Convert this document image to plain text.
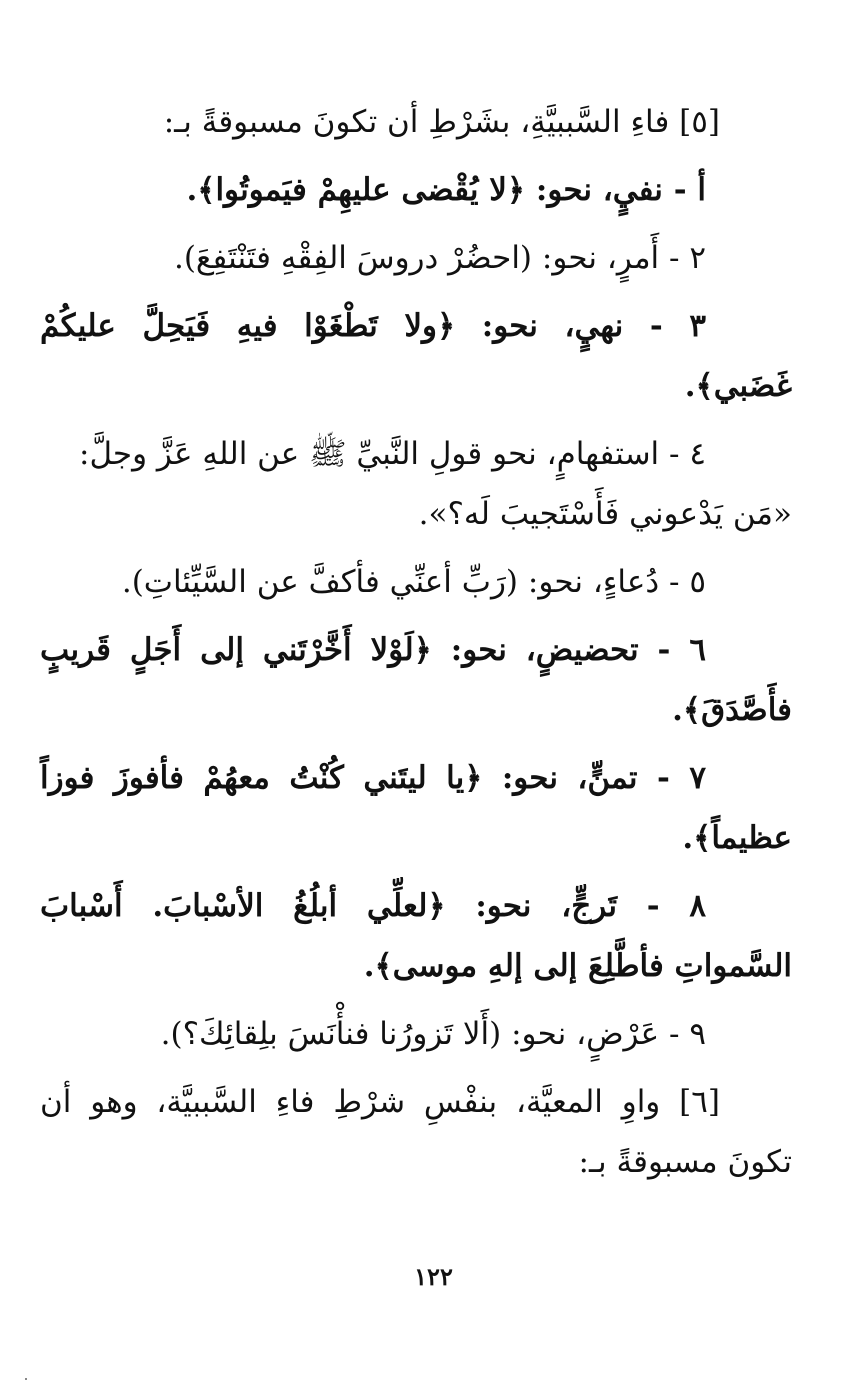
[٥] فاءِ السَّببيَّةِ، بشَرْطِ أن تكونَ مسبوقةً بـ:
أ - نفيٍ، نحو: ﴿لا يُقْضى عليهِمْ فيَموتُوا﴾.
٢ - أَمرٍ، نحو: (احضُرْ دروسَ الفِقْهِ فتَنْتَفِعَ).
٣ - نهيٍ، نحو: ﴿ولا تَطْغَوْا فيهِ فَيَحِلَّ عليكُمْ
غَضَبي﴾.
٤ - استفهامٍ، نحو قولِ النَّبيِّ ﷺ عن اللهِ عَزَّ وجلَّ:
«مَن يَدْعوني فَأَسْتَجيبَ لَه؟».
٥ - دُعاءٍ، نحو: (رَبِّ أعنِّي فأكفَّ عن السَّيِّئاتِ).
٦ - تحضيضٍ، نحو: ﴿لَوْلا أَخَّرْتَني إلى أَجَلٍ قَريبٍ
فأَصَّدَقَ﴾.
٧ - تمنٍّ، نحو: ﴿يا ليتَني كُنْتُ معهُمْ فأفوزَ فوزاً
عظيماً﴾.
٨ - تَرجٍّ، نحو: ﴿لعلِّي أبلُغُ الأسْبابَ. أَسْبابَ
السَّمواتِ فأطَّلِعَ إلى إلهِ موسى﴾.
٩ - عَرْضٍ، نحو: (أَلا تَزورُنا فنأْنَسَ بلِقائِكَ؟).
[٦] واوِ المعيَّة، بنفْسِ شرْطِ فاءِ السَّببيَّة، وهو أن
تكونَ مسبوقةً بـ:
١٢٢
